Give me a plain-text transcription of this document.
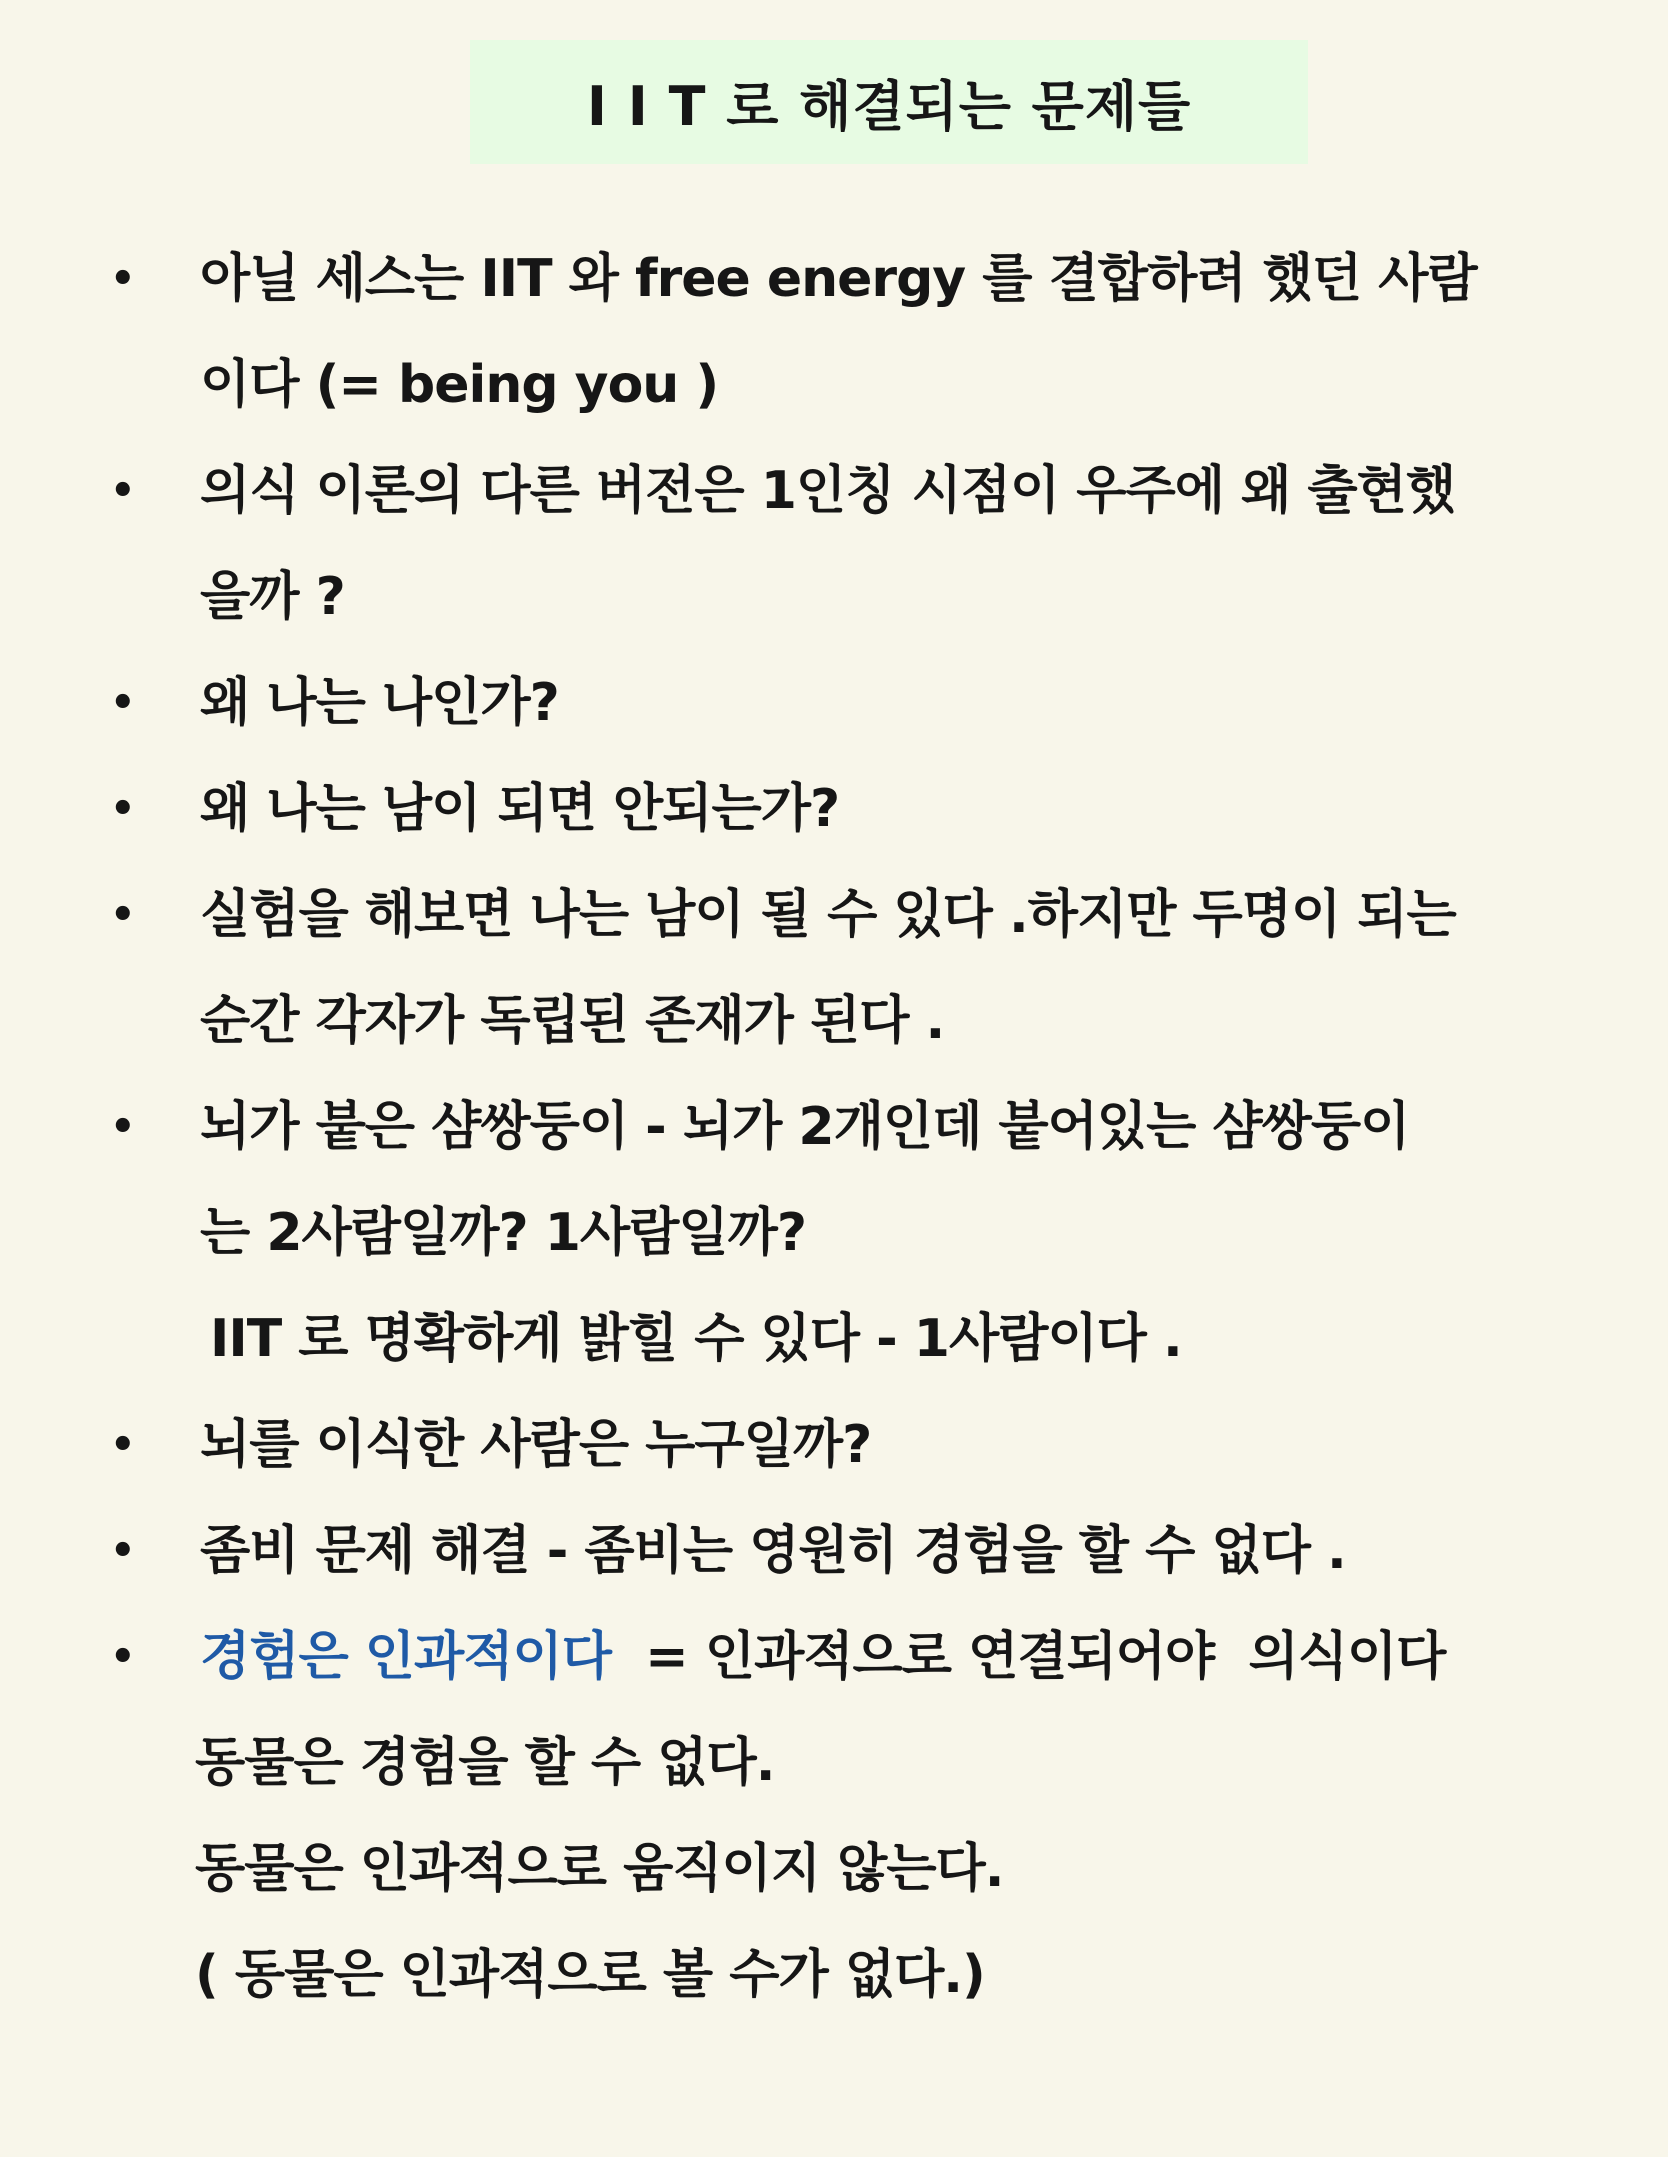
I I T 로 해결되는 문제들
• 아닐 세스는 IIT 와 free energy 를 결합하려 했던 사람
이다 (= being you )
• 의식 이론의 다른 버전은 1인칭 시점이 우주에 왜 출현했
을까 ?
• 왜 나는 나인가?
• 왜 나는 남이 되면 안되는가?
• 실험을 해보면 나는 남이 될 수 있다 .하지만 두명이 되는
순간 각자가 독립된 존재가 된다 .
• 뇌가 붙은 샴쌍둥이 - 뇌가 2개인데 붙어있는 샴쌍둥이
는 2사람일까? 1사람일까?
IIT 로 명확하게 밝힐 수 있다 - 1사람이다 .
• 뇌를 이식한 사람은 누구일까?
• 좀비 문제 해결 - 좀비는 영원히 경험을 할 수 없다 .
• 경험은 인과적이다  = 인과적으로 연결되어야  의식이다
동물은 경험을 할 수 없다.
동물은 인과적으로 움직이지 않는다.
( 동물은 인과적으로 볼 수가 없다.)
